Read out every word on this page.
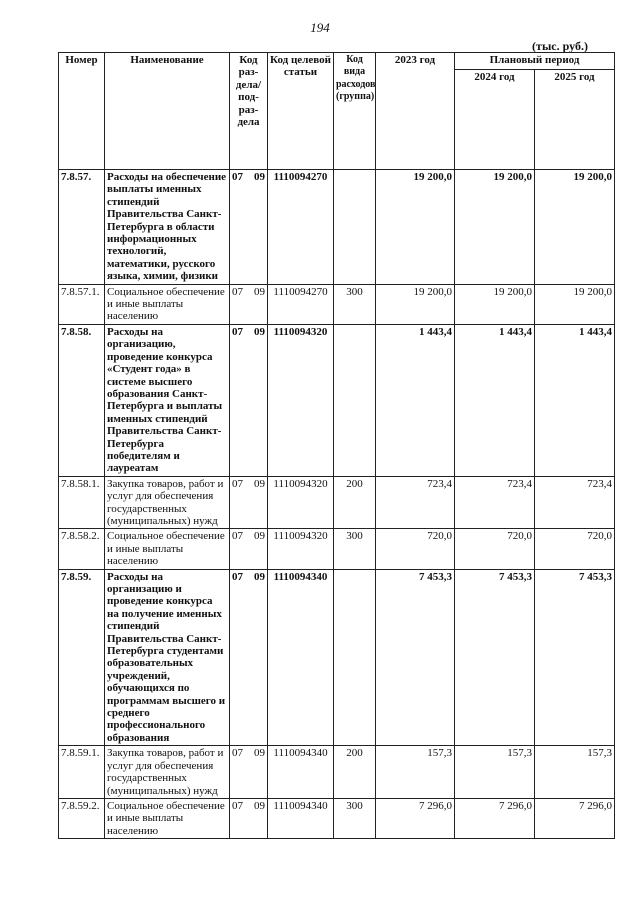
194
(тыс. руб.)
Номер	Наименование	Код раз-дела/ под-раз-дела	Код целевой статьи	Код вида расходов (группа)	2023 год	Плановый период	
						2024 год	2025 год
7.8.57.	Расходы на обеспечение выплаты именных стипендий Правительства Санкт-Петербурга в области информационных технологий, математики, русского языка, химии, физики	07 09	1110094270		19 200,0	19 200,0	19 200,0
7.8.57.1.	Социальное обеспечение и иные выплаты населению	07 09	1110094270	300	19 200,0	19 200,0	19 200,0
7.8.58.	Расходы на организацию, проведение конкурса «Студент года» в системе высшего образования Санкт-Петербурга и выплаты именных стипендий Правительства Санкт-Петербурга победителям и лауреатам	07 09	1110094320		1 443,4	1 443,4	1 443,4
7.8.58.1.	Закупка товаров, работ и услуг для обеспечения государственных (муниципальных) нужд	07 09	1110094320	200	723,4	723,4	723,4
7.8.58.2.	Социальное обеспечение и иные выплаты населению	07 09	1110094320	300	720,0	720,0	720,0
7.8.59.	Расходы на организацию и проведение конкурса на получение именных стипендий Правительства Санкт-Петербурга студентами образовательных учреждений, обучающихся по программам высшего и среднего профессионального образования	07 09	1110094340		7 453,3	7 453,3	7 453,3
7.8.59.1.	Закупка товаров, работ и услуг для обеспечения государственных (муниципальных) нужд	07 09	1110094340	200	157,3	157,3	157,3
7.8.59.2.	Социальное обеспечение и иные выплаты населению	07 09	1110094340	300	7 296,0	7 296,0	7 296,0
